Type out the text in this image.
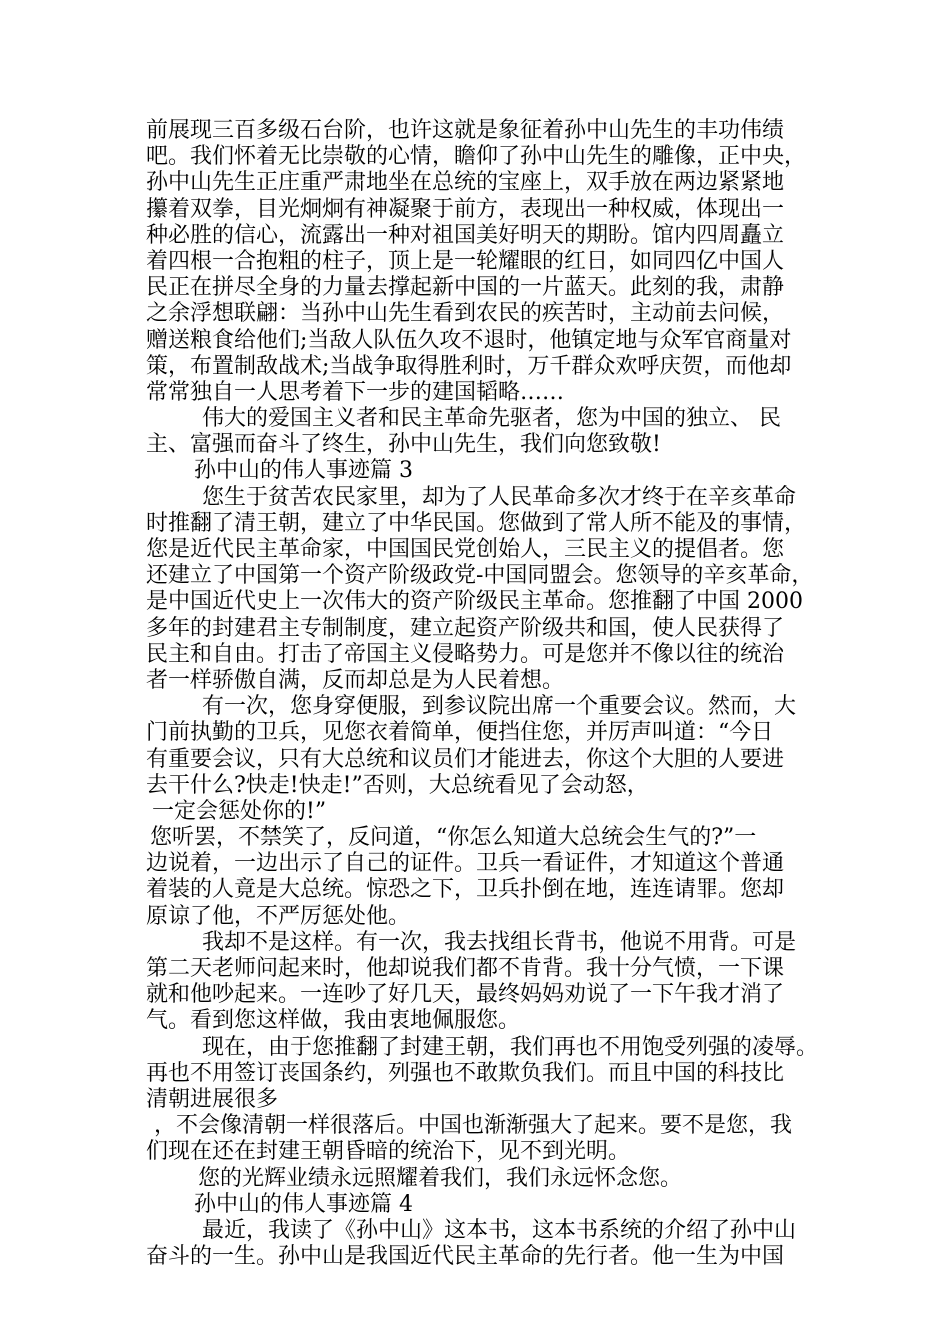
前展现三百多级石台阶，也许这就是象征着孙中山先生的丰功伟绩
吧。我们怀着无比崇敬的心情，瞻仰了孙中山先生的雕像，正中央，
孙中山先生正庄重严肃地坐在总统的宝座上，双手放在两边紧紧地
攥着双拳，目光炯炯有神凝聚于前方，表现出一种权威，体现出一
种必胜的信心，流露出一种对祖国美好明天的期盼。馆内四周矗立
着四根一合抱粗的柱子，顶上是一轮耀眼的红日，如同四亿中国人
民正在拼尽全身的力量去撑起新中国的一片蓝天。此刻的我，肃静
之余浮想联翩：当孙中山先生看到农民的疾苦时，主动前去问候，
赠送粮食给他们;当敌人队伍久攻不退时，他镇定地与众军官商量对
策，布置制敌战术;当战争取得胜利时，万千群众欢呼庆贺，而他却
常常独自一人思考着下一步的建国韬略……
伟大的爱国主义者和民主革命先驱者，您为中国的独立、 民
主、富强而奋斗了终生，孙中山先生，我们向您致敬!
孙中山的伟人事迹篇 3
您生于贫苦农民家里，却为了人民革命多次才终于在辛亥革命
时推翻了清王朝，建立了中华民国。您做到了常人所不能及的事情，
您是近代民主革命家，中国国民党创始人，三民主义的提倡者。您
还建立了中国第一个资产阶级政党-中国同盟会。您领导的辛亥革命，
是中国近代史上一次伟大的资产阶级民主革命。您推翻了中国 2000
多年的封建君主专制制度，建立起资产阶级共和国，使人民获得了
民主和自由。打击了帝国主义侵略势力。可是您并不像以往的统治
者一样骄傲自满，反而却总是为人民着想。
有一次，您身穿便服，到参议院出席一个重要会议。然而，大
门前执勤的卫兵，见您衣着简单，便挡住您，并厉声叫道：“今日
有重要会议，只有大总统和议员们才能进去，你这个大胆的人要进
去干什么?快走!快走!”否则，大总统看见了会动怒，
一定会惩处你的!”
您听罢，不禁笑了，反问道，“你怎么知道大总统会生气的?”一
边说着，一边出示了自己的证件。卫兵一看证件，才知道这个普通
着装的人竟是大总统。惊恐之下，卫兵扑倒在地，连连请罪。您却
原谅了他，不严厉惩处他。
我却不是这样。有一次，我去找组长背书，他说不用背。可是
第二天老师问起来时，他却说我们都不肯背。我十分气愤，一下课
就和他吵起来。一连吵了好几天，最终妈妈劝说了一下午我才消了
气。看到您这样做，我由衷地佩服您。
现在，由于您推翻了封建王朝，我们再也不用饱受列强的凌辱。
再也不用签订丧国条约，列强也不敢欺负我们。而且中国的科技比
清朝进展很多
，不会像清朝一样很落后。中国也渐渐强大了起来。要不是您，我
们现在还在封建王朝昏暗的统治下，见不到光明。
您的光辉业绩永远照耀着我们，我们永远怀念您。
孙中山的伟人事迹篇 4
最近，我读了《孙中山》这本书，这本书系统的介绍了孙中山
奋斗的一生。孙中山是我国近代民主革命的先行者。他一生为中国
